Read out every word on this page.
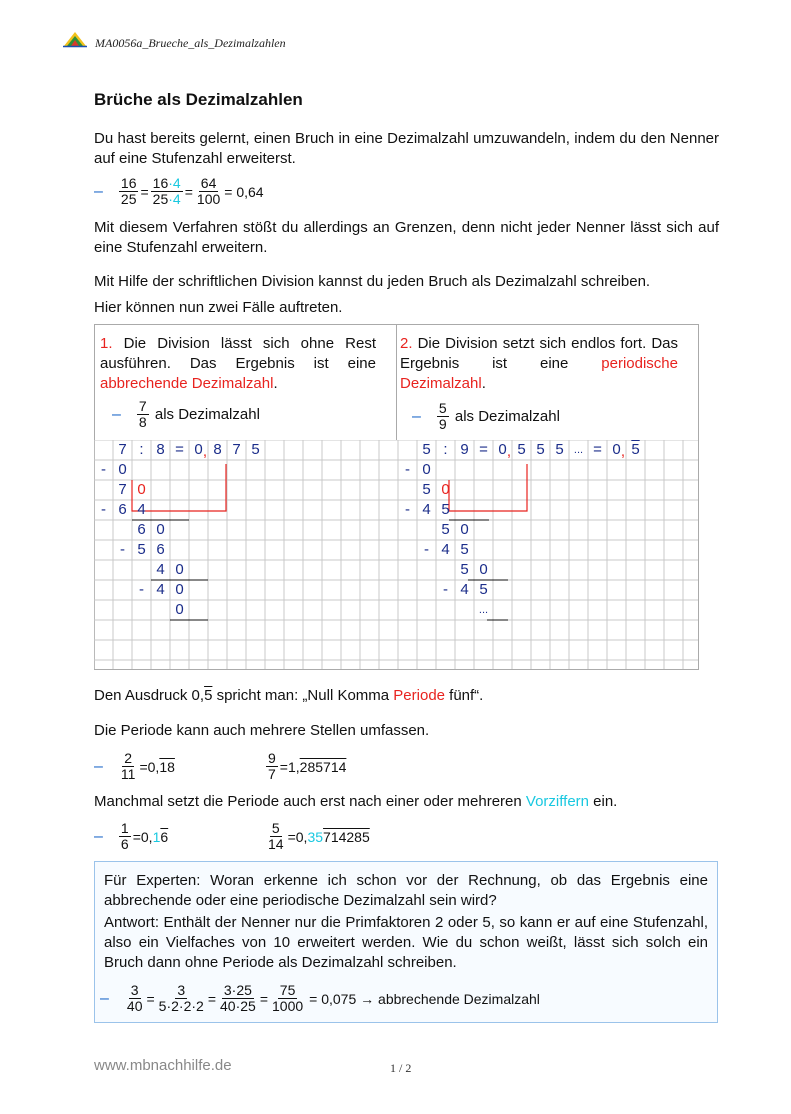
MA0056a_Brueche_als_Dezimalzahlen
Brüche als Dezimalzahlen
Du hast bereits gelernt, einen Bruch in eine Dezimalzahl umzuwandeln, indem du den Nenner auf eine Stufenzahl erweiterst.
– $\frac{16}{25} = \frac{16\cdot 4}{25\cdot 4} = \frac{64}{100} = 0,64$
Mit diesem Verfahren stößt du allerdings an Grenzen, denn nicht jeder Nenner lässt sich auf eine Stufenzahl erweitern.
Mit Hilfe der schriftlichen Division kannst du jeden Bruch als Dezimalzahl schreiben.
Hier können nun zwei Fälle auftreten.
1. Die Division lässt sich ohne Rest ausführen. Das Ergebnis ist eine abbrechende Dezimalzahl.
– $\frac{7}{8}$
als Dezimalzahl
2. Die Division setzt sich endlos fort. Das Ergebnis ist eine periodische Dezimalzahl.
– $\frac{5}{9}$
als Dezimalzahl
7 : 8 = 0 8 7 5
- 0
7 0
- 6 4
6 0
- 5 6
4 0
- 4 0
0
5 : 9 = 0 5 5 5 ... = 0 5
- 0
5 0
- 4 5
5 0
- 4 5
5 0
- 4 5
...
,	,	,
Den Ausdruck 0,5 spricht man: „Null Komma Periode fünf“.
Die Periode kann auch mehrere Stellen umfassen.
– $\frac{2}{11} = 0$, 18	$\frac{9}{7} = 1$, 285714
Manchmal setzt die Periode auch erst nach einer oder mehreren Vorziffern ein.
– $\frac{1}{6} = 0$, 1 6	$\frac{5}{14} = 0$, 35 714285
Für Experten: Woran erkenne ich schon vor der Rechnung, ob das Ergebnis eine abbrechende oder eine periodische Dezimalzahl sein wird?
Antwort: Enthält der Nenner nur die Primfaktoren 2 oder 5, so kann er auf eine Stufenzahl, also ein Vielfaches von 10 erweitert werden. Wie du schon weißt, lässt sich solch ein Bruch dann ohne Periode als Dezimalzahl schreiben.
– $\frac{3}{40} = \frac{3}{5\cdot 2\cdot 2\cdot 2} = \frac{3\cdot 25}{40\cdot 25} = \frac{75}{1000} = 0,075$ → abbrechende Dezimalzahl
www.mbnachhilfe.de	1 / 2
